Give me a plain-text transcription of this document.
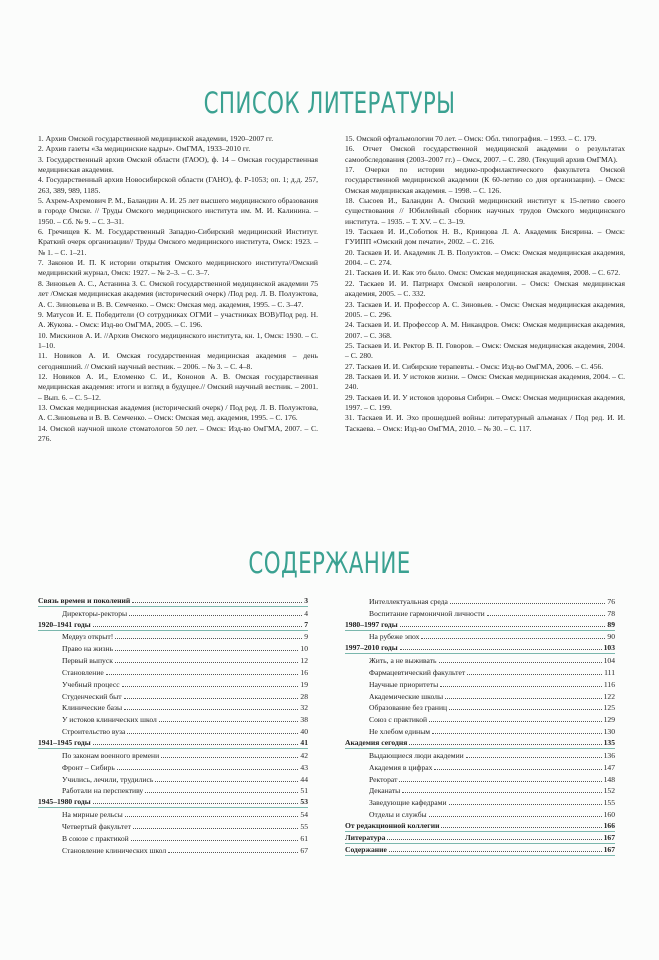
СПИСОК ЛИТЕРАТУРЫ

1. Архив Омской государственной медицинской академии, 1920–2007 гг.

2. Архив газеты «За медицинские кадры». ОмГМА, 1933–2010 гг.

3. Государственный архив Омской области (ГАОО), ф. 14 – Омская государственная медицинская академия.

4. Государственный архив Новосибирской области (ГАНО), ф. Р-1053; оп. 1; д.д. 257, 263, 389, 989, 1185.

5. Ахрем-Ахремович Р. М., Баландин А. И. 25 лет высшего медицинского образования в городе Омске. // Труды Омского медицинского института им. М. И. Калинина. –1950. – Сб. № 9. – С. 3–31.

6. Гречищев К. М. Государственный Западно-Сибирский медицинский Институт. Краткий очерк организации// Труды Омского медицинского института, Омск: 1923. – № 1. – С. 1–21.

7. Законов И. П. К истории открытия Омского медицинского института//Омский медицинский журнал, Омск: 1927. – № 2–3. – С. 3–7.

8. Зиновьев А. С., Астанина З. С. Омской государственной медицинской академии 75 лет /Омская медицинская академия (исторический очерк) /Под ред. Л. В. Полуэктова, А. С. Зиновьева и В. В. Семченко. – Омск: Омская мед. академия, 1995. – С. 3–47.

9. Матусов И. Е. Победители (О сотрудниках ОГМИ – участниках ВОВ)/Под ред. Н. А. Жукова. - Омск: Изд-во ОмГМА, 2005. – С. 196.

10. Мискинов А. И. //Архив Омского медицинского института, кн. 1, Омск: 1930. – С. 1–10.

11. Новиков А. И. Омская государственная медицинская академия – день сегодняшний. // Омский научный вестник. – 2006. – № 3. – С. 4–8.

12. Новиков А. И., Еломенко С. И., Кононов А. В. Омская государственная медицинская академия: итоги и взгляд в будущее.// Омский научный вестник. – 2001. – Вып. 6. – С. 5–12.

13. Омская медицинская академия (исторический очерк) / Под ред. Л. В. Полуэктова, А. С.Зиновьева и В. В. Семченко. – Омск: Омская мед. академия, 1995. – С. 176.

14. Омской научной школе стоматологов 50 лет. – Омск: Изд-во ОмГМА, 2007. – С. 276.

15. Омской офтальмологии 70 лет. – Омск: Обл. типография. – 1993. – С. 179.

16. Отчет Омской государственной медицинской академии о результатах самообследования (2003–2007 гг.) – Омск, 2007. – С. 280. (Текущий архив ОмГМА).

17. Очерки по истории медико-профилактического факультета Омской государственной медицинской академии (К 60-летию со дня организации). – Омск: Омская медицинская академия. – 1998. – С. 126.

18. Сысоев И., Баландин А. Омский медицинский институт к 15-летию своего существования // Юбилейный сборник научных трудов Омского медицинского института. – 1935. – Т. XV. – С. 3–19.

19. Таскаев И. И.,Соботюк Н. В., Кривцова Л. А. Академик Бисярина. – Омск: ГУИПП «Омский дом печати», 2002. – С. 216.

20. Таскаев И. И. Академик Л. В. Полуэктов. – Омск: Омская медицинская академия, 2004. – С. 274.

21. Таскаев И. И. Как это было. Омск: Омская медицинская академия, 2008. – С. 672.

22. Таскаев И. И. Патриарх Омской неврологии. – Омск: Омская медицинская академия, 2005. – С. 332.

23. Таскаев И. И. Профессор А. С. Зиновьев. - Омск: Омская медицинская академия, 2005. – С. 296.

24. Таскаев И. И. Профессор А. М. Никандров. Омск: Омская медицинская академия, 2007. – С. 368.

25. Таскаев И. И. Ректор В. П. Говоров. – Омск: Омская медицинская академия, 2004. – С. 280.

27. Таскаев И. И. Сибирские терапевты. - Омск: Изд-во ОмГМА, 2006. – С. 456.

28. Таскаев И. И. У истоков жизни. – Омск: Омская медицинская академия, 2004. – С. 240.

29. Таскаев И. И. У истоков здоровья Сибири. – Омск: Омская медицинская академия, 1997. – С. 199.

31. Таскаев И. И. Эхо прошедшей войны: литературный альманах / Под ред. И. И. Таскаева. – Омск: Изд-во ОмГМА, 2010. – № 30. – С. 117.

СОДЕРЖАНИЕ
Связь времен и поколений	3
Директоры-ректоры	4
1920–1941 годы	7
Медвуз открыт!	9
Право на жизнь	10
Первый выпуск	12
Становление	16
Учебный процесс	19
Студенческий быт	28
Клинические базы	32
У истоков клинических школ	38
Строительство вуза	40
1941–1945 годы	41
По законам военного времени	42
Фронт – Сибирь	43
Учились, лечили, трудились	44
Работали на перспективу	51
1945–1980 годы	53
На мирные рельсы	54
Четвертый факультет	55
В союзе с практикой	61
Становление клинических школ	67
Интеллектуальная среда	76
Воспитание гармоничной личности	78
1980–1997 годы	89
На рубеже эпох	90
1997–2010 годы	103
Жить, а не выживать	104
Фармацевтический факультет	111
Научные приоритеты	116
Академические школы	122
Образование без границ	125
Союз с практикой	129
Не хлебом единым	130
Академия сегодня	135
Выдающиеся люди академии	136
Академия в цифрах	147
Ректорат	148
Деканаты	152
Заведующие кафедрами	155
Отделы и службы	160
От редакционной коллегии	166
Литература	167
Содержание	167
